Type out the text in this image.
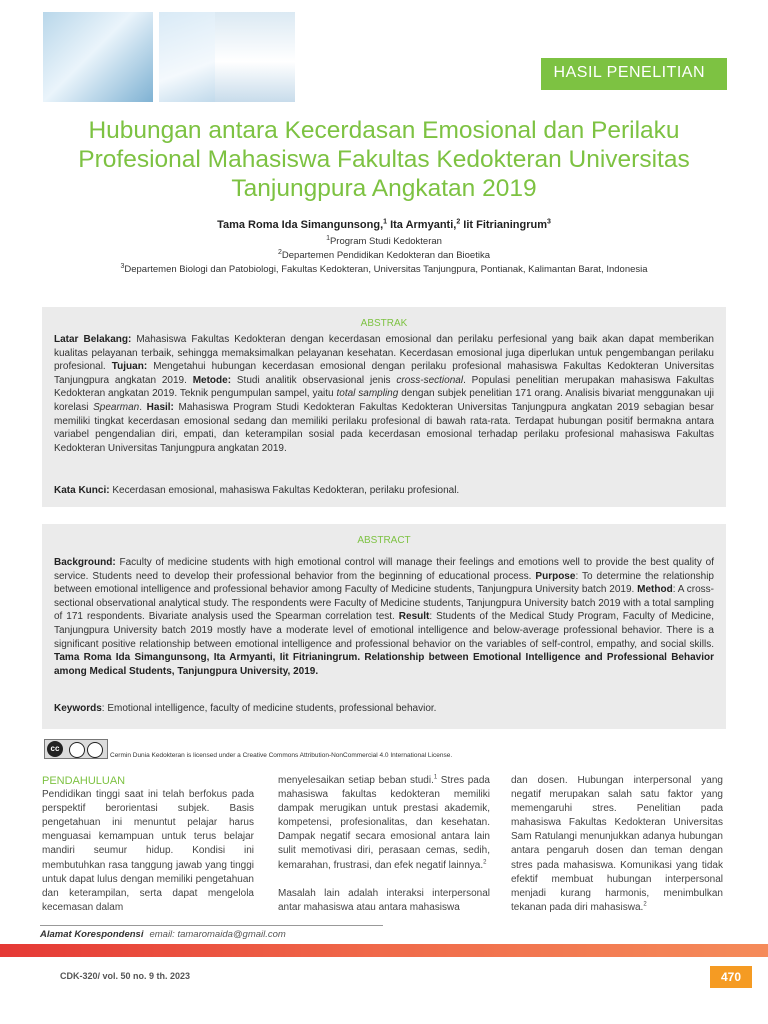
HASIL PENELITIAN
Hubungan antara Kecerdasan Emosional dan Perilaku Profesional Mahasiswa Fakultas Kedokteran Universitas Tanjungpura Angkatan 2019
Tama Roma Ida Simangunsong,$^1$ Ita Armyanti,$^2$ Iit Fitrianingrum$^3$
$^1$Program Studi Kedokteran
$^2$Departemen Pendidikan Kedokteran dan Bioetika
$^3$Departemen Biologi dan Patobiologi, Fakultas Kedokteran, Universitas Tanjungpura, Pontianak, Kalimantan Barat, Indonesia
ABSTRAK

Latar Belakang: Mahasiswa Fakultas Kedokteran dengan kecerdasan emosional dan perilaku perfesional yang baik akan dapat memberikan kualitas pelayanan terbaik, sehingga memaksimalkan pelayanan kesehatan. Kecerdasan emosional juga diperlukan untuk pengembangan perilaku profesional. Tujuan: Mengetahui hubungan kecerdasan emosional dengan perilaku profesional mahasiswa Fakultas Kedokteran Universitas Tanjungpura angkatan 2019. Metode: Studi analitik observasional jenis cross-sectional. Populasi penelitian merupakan mahasiswa Fakultas Kedokteran angkatan 2019. Teknik pengumpulan sampel, yaitu total sampling dengan subjek penelitian 171 orang. Analisis bivariat menggunakan uji korelasi Spearman. Hasil: Mahasiswa Program Studi Kedokteran Fakultas Kedokteran Universitas Tanjungpura angkatan 2019 sebagian besar memiliki tingkat kecerdasan emosional sedang dan memiliki perilaku profesional di bawah rata-rata. Terdapat hubungan positif bermakna antara variabel pengendalian diri, empati, dan keterampilan sosial pada kecerdasan emosional terhadap perilaku profesional mahasiswa Fakultas Kedokteran Universitas Tanjungpura angkatan 2019.

Kata Kunci: Kecerdasan emosional, mahasiswa Fakultas Kedokteran, perilaku profesional.

ABSTRACT

Background: Faculty of medicine students with high emotional control will manage their feelings and emotions well to provide the best quality of service. Students need to develop their professional behavior from the beginning of educational process. Purpose: To determine the relationship between emotional intelligence and professional behavior among Faculty of Medicine students, Tanjungpura University batch 2019. Method: A cross-sectional observational analytical study. The respondents were Faculty of Medicine students, Tanjungpura University batch 2019 with a total sampling of 171 respondents. Bivariate analysis used the Spearman correlation test. Result: Students of the Medical Study Program, Faculty of Medicine, Tanjungpura University batch 2019 mostly have a moderate level of emotional intelligence and below-average professional behavior. There is a significant positive relationship between emotional intelligence and professional behavior on the variables of self-control, empathy, and social skills. Tama Roma Ida Simangunsong, Ita Armyanti, Iit Fitrianingrum. Relationship between Emotional Intelligence and Professional Behavior among Medical Students, Tanjungpura University, 2019.

Keywords: Emotional intelligence, faculty of medicine students, professional behavior.

cc
Cermin Dunia Kedokteran is licensed under a Creative Commons Attribution-NonCommercial 4.0 International License.
PENDAHULUAN

Pendidikan tinggi saat ini telah berfokus pada perspektif berorientasi subjek. Basis pengetahuan ini menuntut pelajar harus menguasai kemampuan untuk terus belajar mandiri seumur hidup. Kondisi ini membutuhkan rasa tanggung jawab yang tinggi untuk dapat lulus dengan memiliki pengetahuan dan keterampilan, serta dapat mengelola kecemasan dalam

menyelesaikan setiap beban studi.$^1$ Stres pada mahasiswa fakultas kedokteran memiliki dampak merugikan untuk prestasi akademik, kompetensi, profesionalitas, dan kesehatan. Dampak negatif secara emosional antara lain sulit memotivasi diri, perasaan cemas, sedih, kemarahan, frustrasi, dan efek negatif lainnya.$^2$

Masalah lain adalah interaksi interpersonal antar mahasiswa atau antara mahasiswa

dan dosen. Hubungan interpersonal yang negatif merupakan salah satu faktor yang memengaruhi stres. Penelitian pada mahasiswa Fakultas Kedokteran Universitas Sam Ratulangi menunjukkan adanya hubungan antara pengaruh dosen dan teman dengan stres pada mahasiswa. Komunikasi yang tidak efektif membuat hubungan interpersonal menjadi kurang harmonis, menimbulkan tekanan pada diri mahasiswa.$^2$

Alamat Korespondensi email: tamaromaida@gmail.com
CDK-320/ vol. 50 no. 9 th. 2023	470
